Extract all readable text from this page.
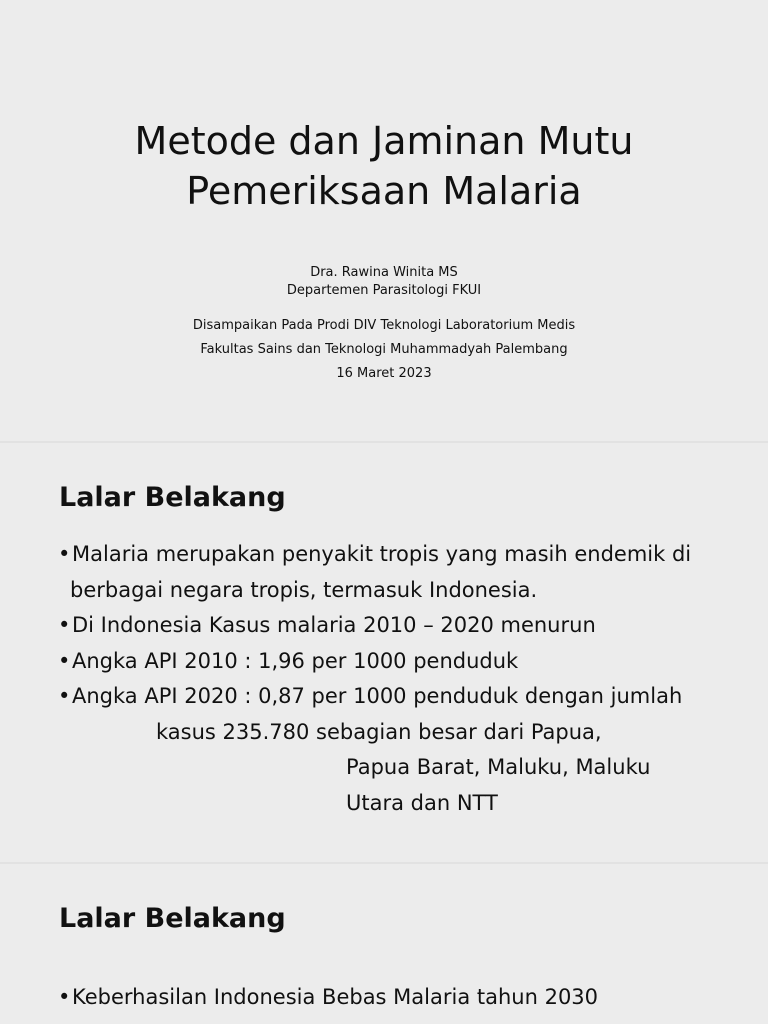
Metode dan Jaminan Mutu
Pemeriksaan Malaria
Dra. Rawina Winita MS
Departemen Parasitologi FKUI
Disampaikan Pada Prodi DIV Teknologi Laboratorium Medis
Fakultas Sains dan Teknologi Muhammadyah Palembang
16 Maret 2023
Lalar Belakang
•Malaria merupakan penyakit tropis yang masih endemik di
berbagai negara tropis, termasuk Indonesia.
•Di Indonesia Kasus malaria 2010 – 2020 menurun
•Angka API 2010 : 1,96 per 1000 penduduk
•Angka API 2020 : 0,87 per 1000 penduduk dengan jumlah
kasus 235.780 sebagian besar dari Papua,
Papua Barat, Maluku, Maluku
Utara dan NTT
Lalar Belakang
•Keberhasilan Indonesia Bebas Malaria tahun 2030
